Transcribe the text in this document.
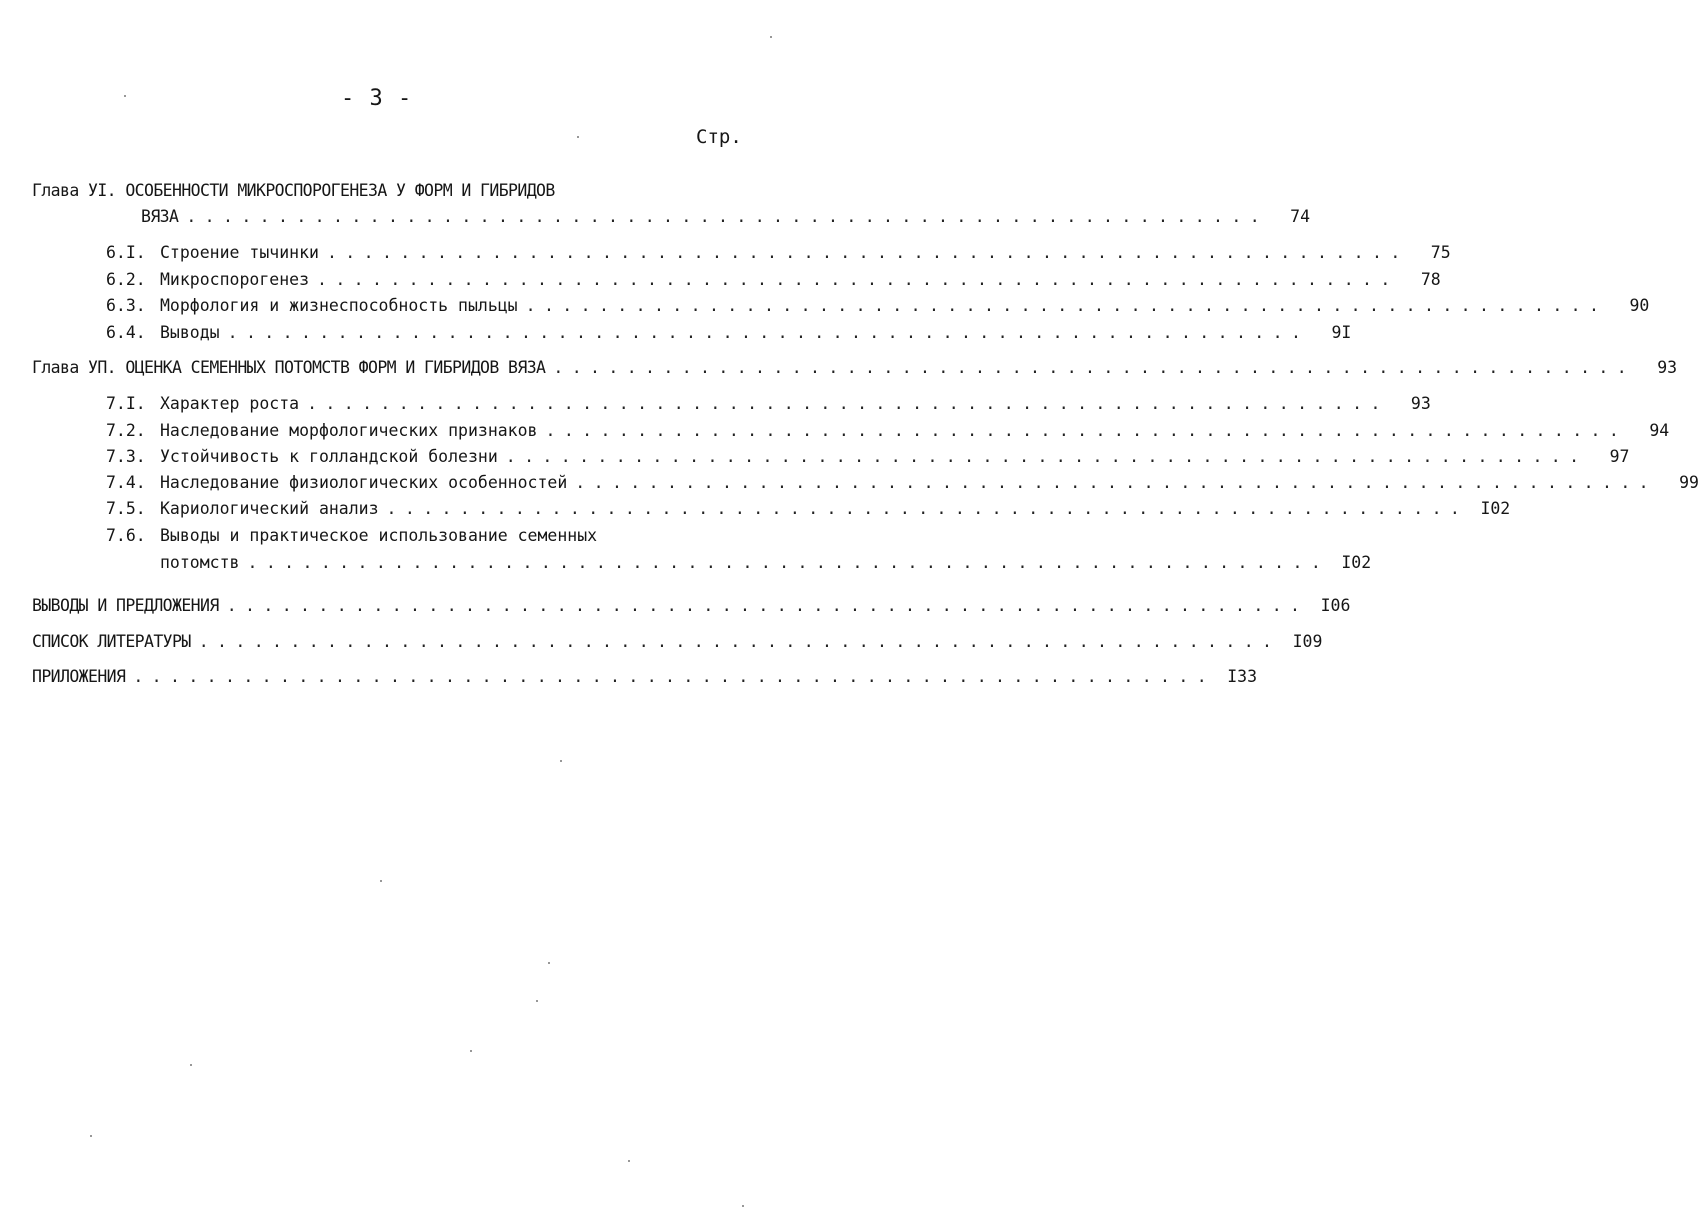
- 3 -
Стр.
Глава УI. ОСОБЕННОСТИ МИКРОСПОРОГЕНЕЗА У ФОРМ И ГИБРИДОВ
ВЯЗА ...........................................................	74
6.I. Строение тычинки ...........................................................	75
6.2. Микроспорогенез ...........................................................	78
6.3. Морфология и жизнеспособность пыльцы ...........................................................	90
6.4. Выводы ...........................................................	9I
Глава УП. ОЦЕНКА СЕМЕННЫХ ПОТОМСТВ ФОРМ И ГИБРИДОВ ВЯЗА ...........................................................	93
7.I. Характер роста ...........................................................	93
7.2. Наследование морфологических признаков ...........................................................	94
7.3. Устойчивость к голландской болезни ...........................................................	97
7.4. Наследование физиологических особенностей ...........................................................	99
7.5. Кариологический анализ ........................................................... I02
7.6. Выводы и практическое использование семенных
потомств ........................................................... I02
ВЫВОДЫ И ПРЕДЛОЖЕНИЯ ........................................................... I06
СПИСОК ЛИТЕРАТУРЫ ........................................................... I09
ПРИЛОЖЕНИЯ ........................................................... I33
